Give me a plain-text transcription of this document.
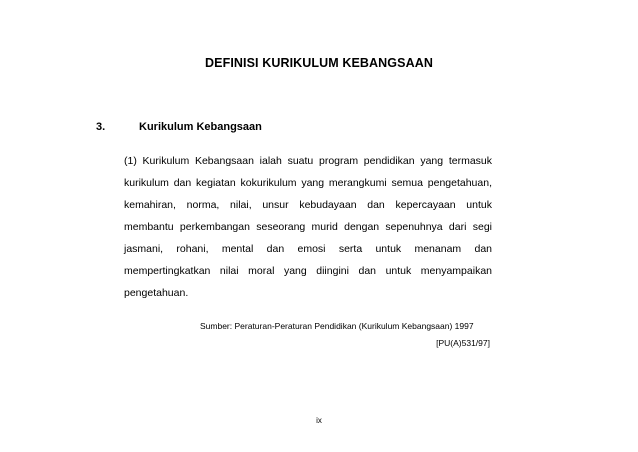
DEFINISI KURIKULUM KEBANGSAAN
3.	Kurikulum Kebangsaan
(1) Kurikulum Kebangsaan ialah suatu program pendidikan yang termasuk
kurikulum dan kegiatan kokurikulum yang merangkumi semua pengetahuan,
kemahiran, norma, nilai, unsur kebudayaan dan kepercayaan untuk
membantu perkembangan seseorang murid dengan sepenuhnya dari segi
jasmani, rohani, mental dan emosi serta untuk menanam dan
mempertingkatkan nilai moral yang diingini dan untuk menyampaikan
pengetahuan.
Sumber: Peraturan-Peraturan Pendidikan (Kurikulum Kebangsaan) 1997
[PU(A)531/97]
ix
